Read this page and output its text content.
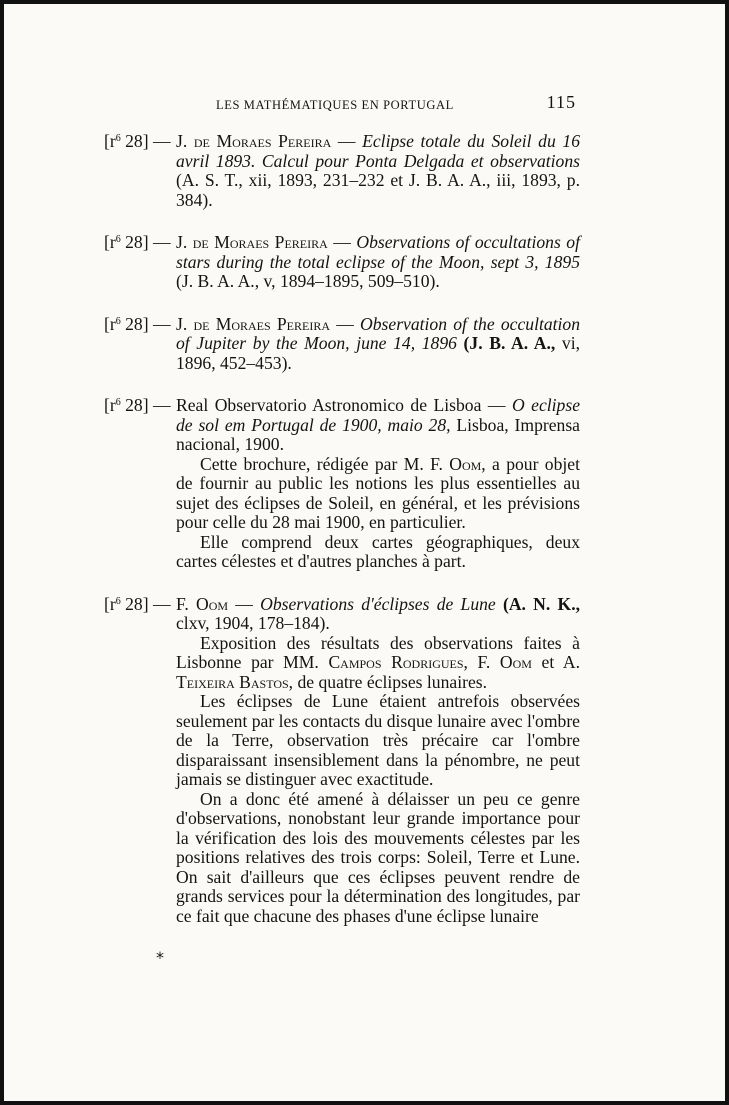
LES MATHÉMATIQUES EN PORTUGAL	115
[$r^6$ 28] — J. de Moraes Pereira — Eclipse totale du Soleil du 16 avril 1893. Calcul pour Ponta Delgada et observations (A. S. T., xii, 1893, 231–232 et J. B. A. A., iii, 1893, p. 384).

[$r^6$ 28] — J. de Moraes Pereira — Observations of occultations of stars during the total eclipse of the Moon, sept 3, 1895 (J. B. A. A., v, 1894–1895, 509–510).

[$r^6$ 28] — J. de Moraes Pereira — Observation of the occultation of Jupiter by the Moon, june 14, 1896 (J. B. A. A., vi, 1896, 452–453).

[$r^6$ 28] — Real Observatorio Astronomico de Lisboa — O eclipse de sol em Portugal de 1900, maio 28, Lisboa, Imprensa nacional, 1900.

Cette brochure, rédigée par M. F. Oom, a pour objet de fournir au public les notions les plus essentielles au sujet des éclipses de Soleil, en général, et les prévisions pour celle du 28 mai 1900, en particulier.

Elle comprend deux cartes géographiques, deux cartes célestes et d'autres planches à part.

[$r^6$ 28] — F. Oom — Observations d'éclipses de Lune (A. N. K., clxv, 1904, 178–184).

Exposition des résultats des observations faites à Lisbonne par MM. Campos Rodrigues, F. Oom et A. Teixeira Bastos, de quatre éclipses lunaires.

Les éclipses de Lune étaient antrefois observées seulement par les contacts du disque lunaire avec l'ombre de la Terre, observation très précaire car l'ombre disparaissant insensiblement dans la pénombre, ne peut jamais se distinguer avec exactitude.

On a donc été amené à délaisser un peu ce genre d'observations, nonobstant leur grande importance pour la vérification des lois des mouvements célestes par les positions relatives des trois corps: Soleil, Terre et Lune. On sait d'ailleurs que ces éclipses peuvent rendre de grands services pour la détermination des longitudes, par ce fait que chacune des phases d'une éclipse lunaire

*
